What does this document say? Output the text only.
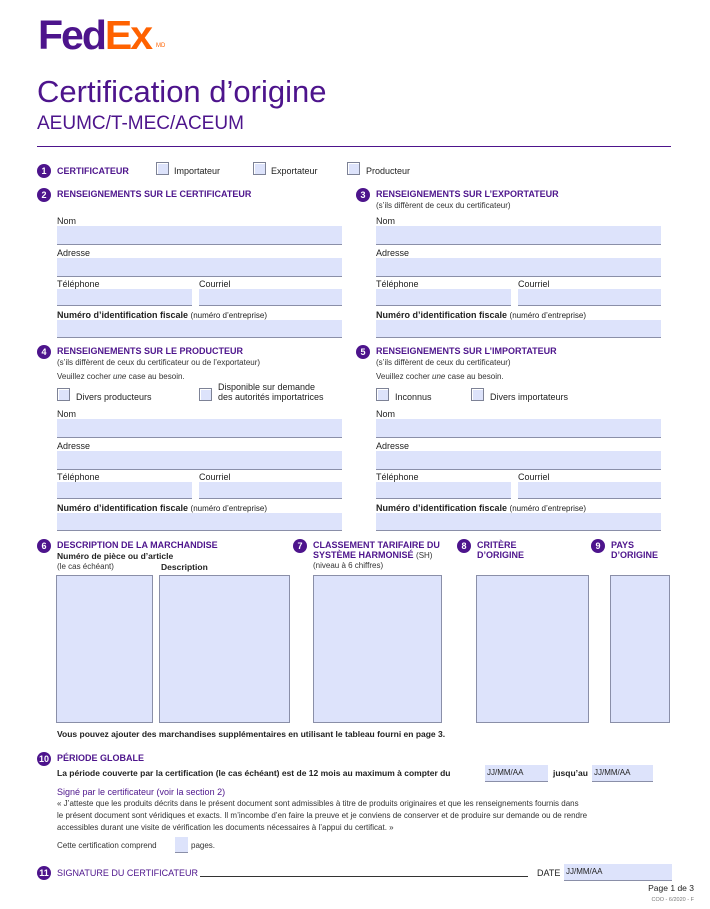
FedEx MD
Certification d’origine
AEUMC/T-MEC/ACEUM
1	CERTIFICATEUR	Importateur	Exportateur	Producteur
2	RENSEIGNEMENTS SUR LE CERTIFICATEUR
Nom
Adresse
Téléphone	Courriel
Numéro d’identification fiscale (numéro d’entreprise)
3	RENSEIGNEMENTS SUR L’EXPORTATEUR
(s’ils diffèrent de ceux du certificateur)
Nom
Adresse
Téléphone	Courriel
Numéro d’identification fiscale (numéro d’entreprise)
4	RENSEIGNEMENTS SUR LE PRODUCTEUR
(s’ils diffèrent de ceux du certificateur ou de l’exportateur)
Veuillez cocher une case au besoin.
Divers producteurs
Disponible sur demande
des autorités importatrices
Nom
Adresse
Téléphone	Courriel
Numéro d’identification fiscale (numéro d’entreprise)
5	RENSEIGNEMENTS SUR L’IMPORTATEUR
(s’ils diffèrent de ceux du certificateur)
Veuillez cocher une case au besoin.
Inconnus	Divers importateurs
Nom
Adresse
Téléphone	Courriel
Numéro d’identification fiscale (numéro d’entreprise)
6	DESCRIPTION DE LA MARCHANDISE
Numéro de pièce ou d’article
(le cas échéant)	Description
7	CLASSEMENT TARIFAIRE DU
SYSTÈME HARMONISÉ (SH)
(niveau à 6 chiffres)
8	CRITÈRE
D’ORIGINE
9	PAYS
D’ORIGINE
Vous pouvez ajouter des marchandises supplémentaires en utilisant le tableau fourni en page 3.
10 PÉRIODE GLOBALE
La période couverte par la certification (le cas échéant) est de 12 mois au maximum à compter du	JJ/MM/AA	jusqu’au JJ/MM/AA
Signé par le certificateur (voir la section 2)
« J’atteste que les produits décrits dans le présent document sont admissibles à titre de produits originaires et que les renseignements fournis dans
le présent document sont véridiques et exacts. Il m’incombe d’en faire la preuve et je conviens de conserver et de produire sur demande ou de rendre
accessibles durant une visite de vérification les documents nécessaires à l’appui du certificat. »
Cette certification comprend	pages.
11 SIGNATURE DU CERTIFICATEUR	DATE JJ/MM/AA
Page 1 de 3
COO - 6/2020 - F
